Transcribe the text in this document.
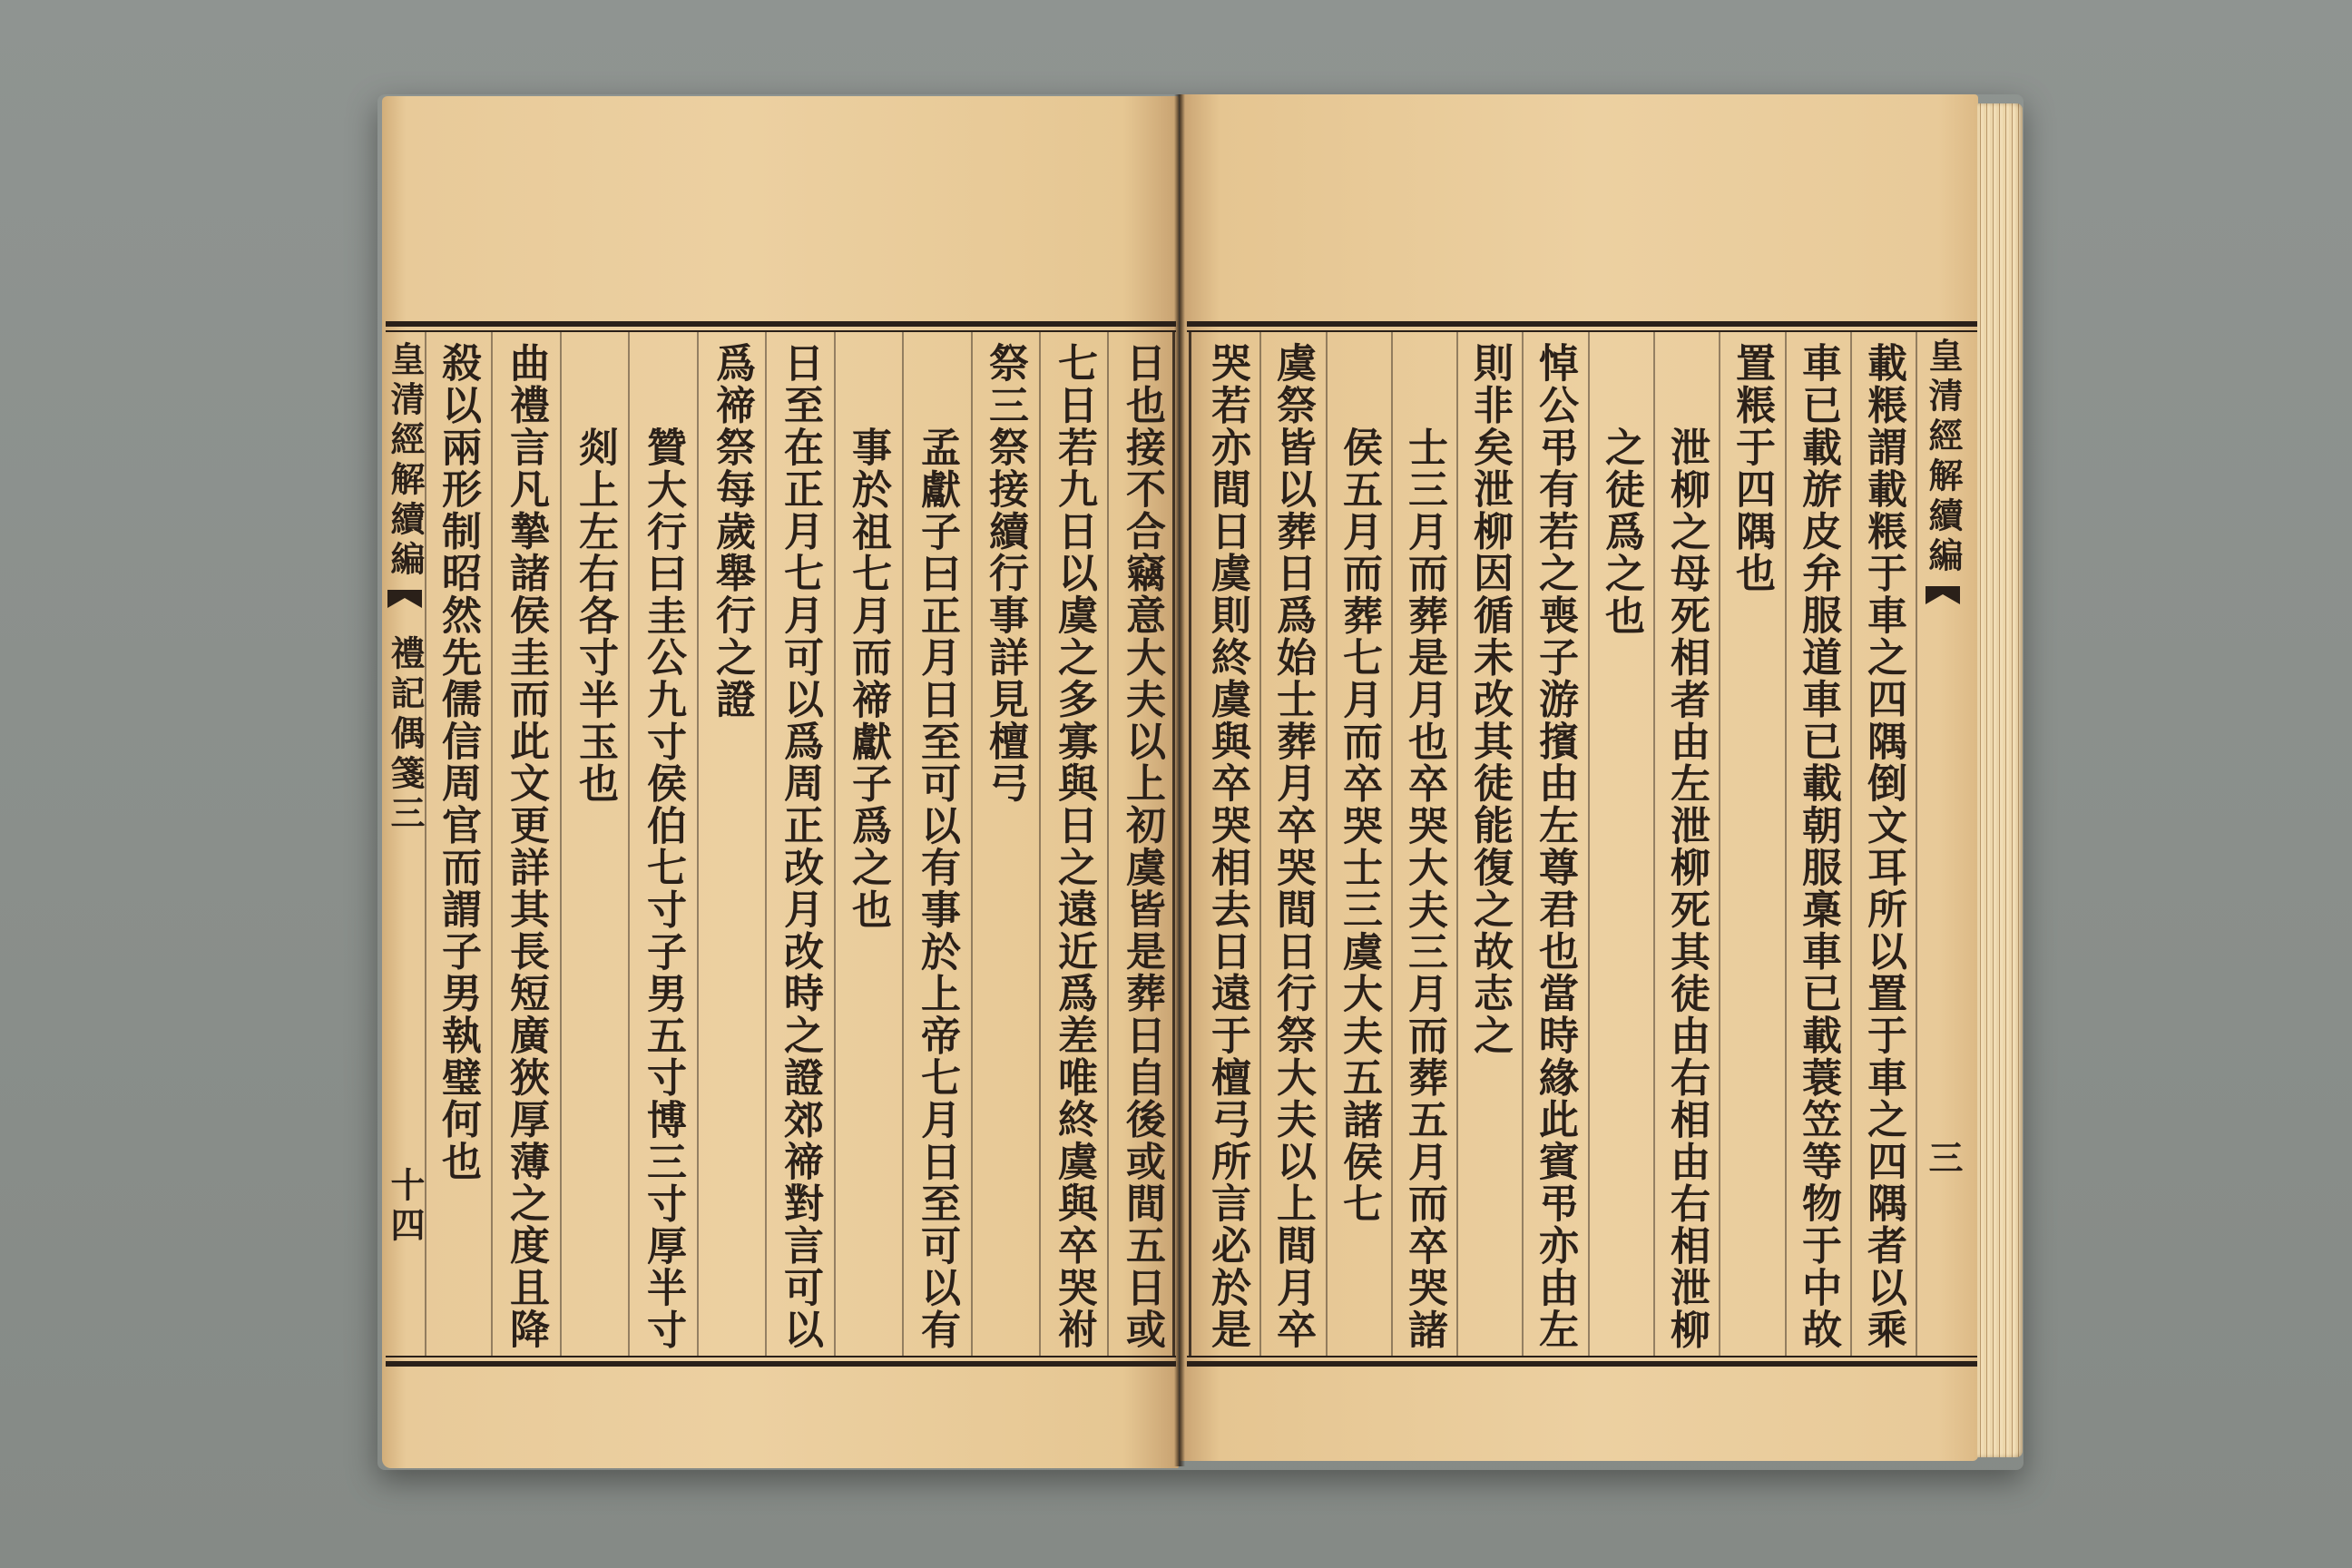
皇清經解續編
禮記偶箋三
十四	日也接不合竊意大夫以上初虞皆是葬日自後或間五日或
七日若九日以虞之多寡與日之遠近爲差唯終虞與卒哭祔
祭三祭接續行事詳見檀弓
孟獻子曰正月日至可以有事於上帝七月日至可以有
事於祖七月而禘獻子爲之也
日至在正月七月可以爲周正改月改時之證郊禘對言可以
爲禘祭每歲舉行之證
贊大行曰圭公九寸侯伯七寸子男五寸博三寸厚半寸
剡上左右各寸半玉也
曲禮言凡摯諸侯圭而此文更詳其長短廣狹厚薄之度且降
殺以兩形制昭然先儒信周官而謂子男執璧何也	皇清經解續編
三
載粻謂載粻于車之四隅倒文耳所以置于車之四隅者以乘
車已載旂皮弁服道車已載朝服槀車已載蓑笠等物于中故
置粻于四隅也
泄柳之母死相者由左泄柳死其徒由右相由右相泄柳
之徒爲之也
悼公弔有若之喪子游擯由左尊君也當時緣此賓弔亦由左
則非矣泄柳因循未改其徒能復之故志之
士三月而葬是月也卒哭大夫三月而葬五月而卒哭諸
侯五月而葬七月而卒哭士三虞大夫五諸侯七
虞祭皆以葬日爲始士葬月卒哭間日行祭大夫以上間月卒
哭若亦間日虞則終虞與卒哭相去日遠于檀弓所言必於是
